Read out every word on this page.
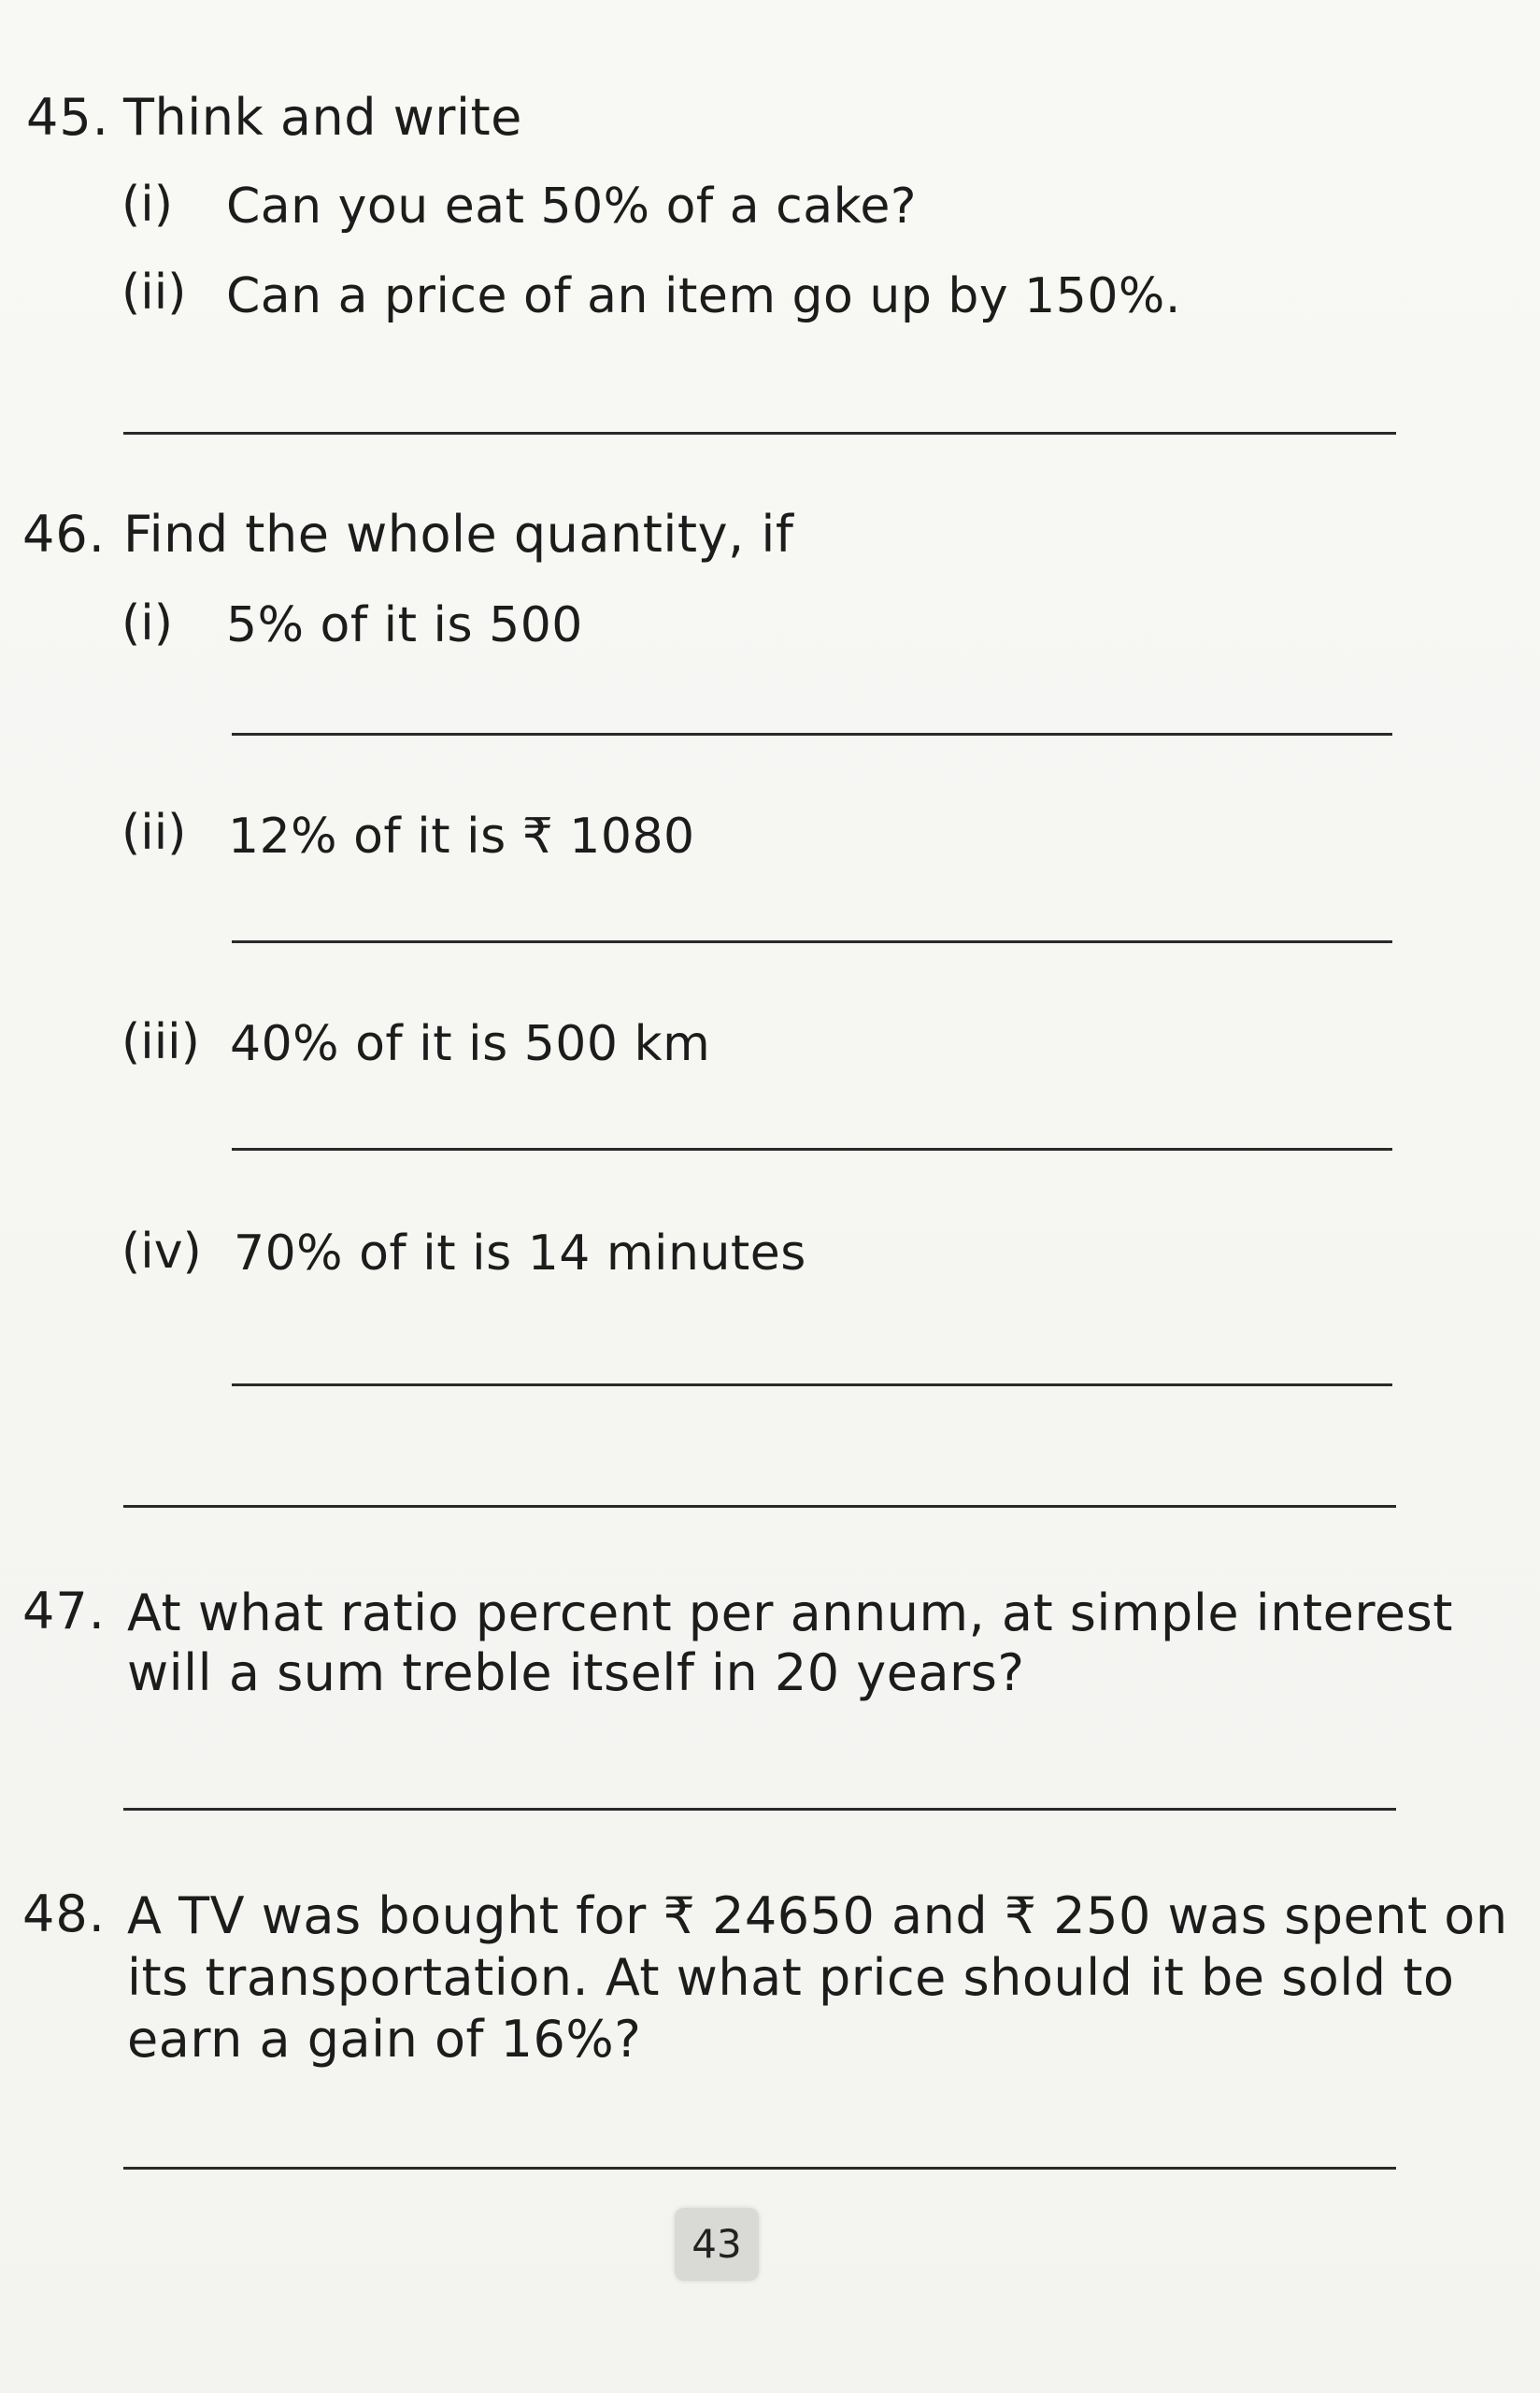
45. Think and write
(i) Can you eat 50% of a cake?
(ii) Can a price of an item go up by 150%.
46. Find the whole quantity, if
(i) 5% of it is 500
(ii) 12% of it is ₹ 1080
(iii) 40% of it is 500 km
(iv) 70% of it is 14 minutes
47. At what ratio percent per annum, at simple interest
will a sum treble itself in 20 years?
48. A TV was bought for ₹ 24650 and ₹ 250 was spent on
its transportation. At what price should it be sold to
earn a gain of 16%?
43
